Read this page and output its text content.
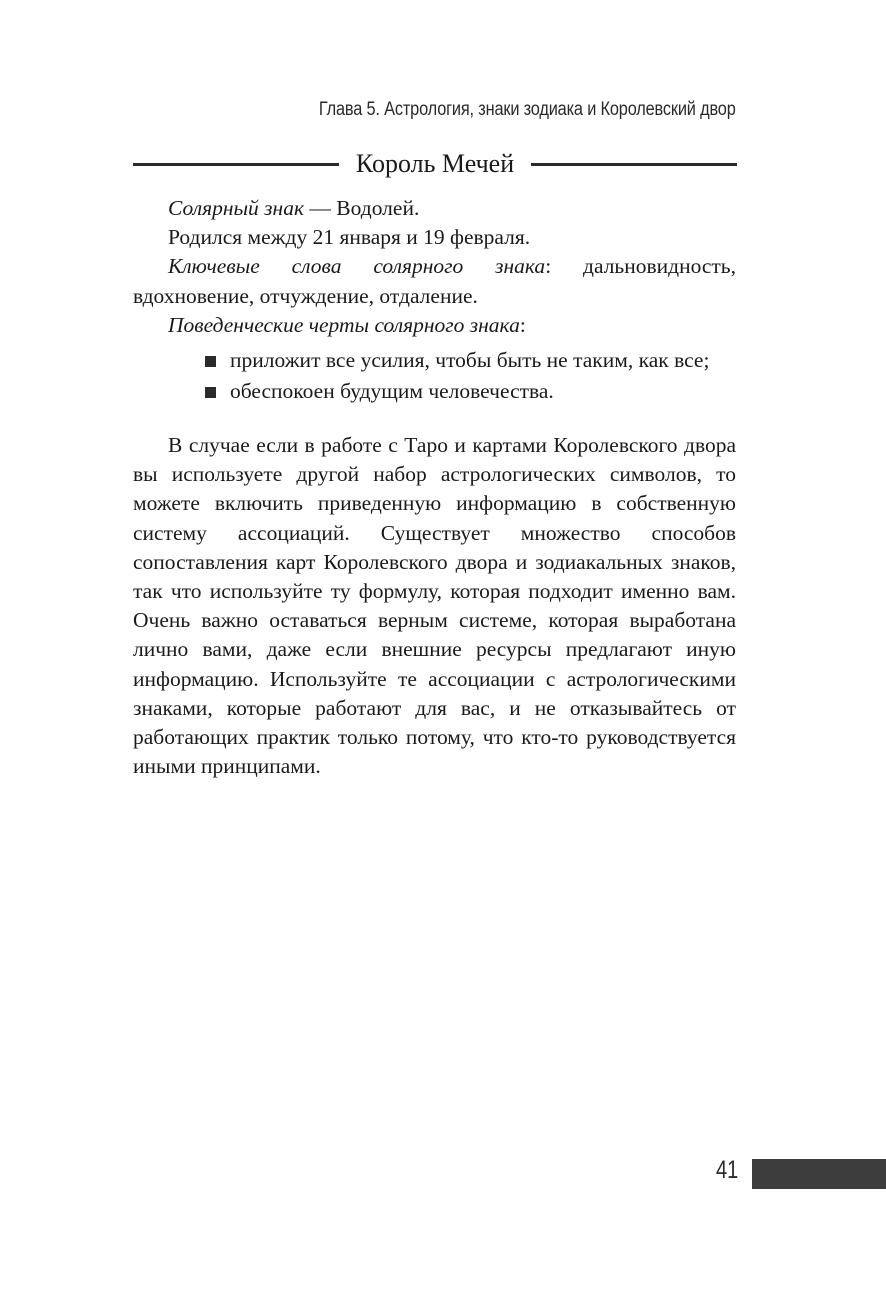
Глава 5. Астрология, знаки зодиака и Королевский двор
Король Мечей

Солярный знак — Водолей.

Родился между 21 января и 19 февраля.

Ключевые слова солярного знака: дальновидность, вдохновение, отчуждение, отдаление.

Поведенческие черты солярного знака:

приложит все усилия, чтобы быть не таким, как все;
обеспокоен будущим человечества.

В случае если в работе с Таро и картами Королевского двора вы используете другой набор астрологических символов, то можете включить приведенную информацию в собственную систему ассоциаций. Существует множество способов сопоставления карт Королевского двора и зодиакальных знаков, так что используйте ту формулу, которая подходит именно вам. Очень важно оставаться верным системе, которая выработана лично вами, даже если внешние ресурсы предлагают иную информацию. Используйте те ассоциации с астрологическими знаками, которые работают для вас, и не отказывайтесь от работающих практик только потому, что кто-то руководствуется иными принципами.

41
